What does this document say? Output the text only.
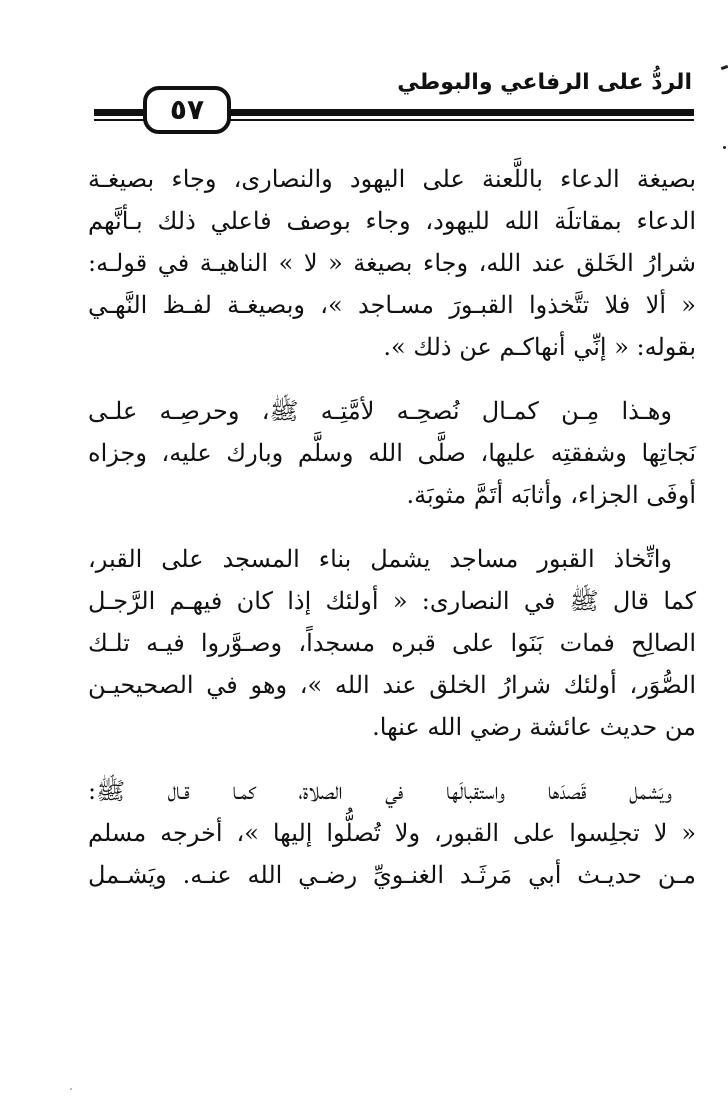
الردُّ على الرفاعي والبوطي
٥٧

بصيغة الدعاء باللَّعنة على اليهود والنصارى، وجاء بصيغـة
الدعاء بمقاتلَة الله لليهود، وجاء بوصف فاعلي ذلك بـأنَّهم
شرارُ الخَلق عند الله، وجاء بصيغة « لا » الناهيـة في قولـه:
« ألا فلا تتَّخذوا القبـورَ مسـاجد »، وبصيغـة لفـظ النَّهـي
بقوله: « إنِّي أنهاكـم عن ذلك ».

وهـذا مِـن كمـال نُصحِـه لأمَّتِـه ﷺ، وحرصِـه علـى
نَجاتِها وشفقتِه عليها، صلَّى الله وسلَّم وبارك عليه، وجزاه
أوفَى الجزاء، وأثابَه أتَمَّ مثوبَة.

واتِّخاذ القبور مساجد يشمل بناء المسجد على القبر،
كما قال ﷺ في النصارى: « أولئك إذا كان فيهـم الرَّجـل
الصالِح فمات بَنَوا على قبره مسجداً، وصـوَّروا فيـه تلـك
الصُّوَر، أولئك شرارُ الخلق عند الله »، وهو في الصحيحيـن
من حديث عائشة رضي الله عنها.

ويَشمل قَصدَها واستقبالَها في الصلاة، كمـا قـال ﷺ:
« لا تجلِسوا على القبور، ولا تُصلُّوا إليها »، أخرجه مسلم
مـن حديـث أبي مَرثَـد الغنـويِّ رضـي الله عنـه. ويَشـمل
